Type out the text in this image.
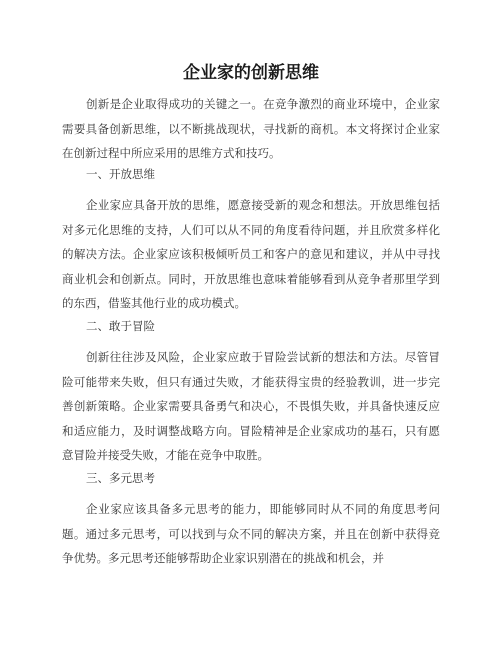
企业家的创新思维

创新是企业取得成功的关键之一。在竞争激烈的商业环境中，企业家需要具备创新思维，以不断挑战现状，寻找新的商机。本文将探讨企业家在创新过程中所应采用的思维方式和技巧。

一、开放思维

企业家应具备开放的思维，愿意接受新的观念和想法。开放思维包括对多元化思维的支持，人们可以从不同的角度看待问题，并且欣赏多样化的解决方法。企业家应该积极倾听员工和客户的意见和建议，并从中寻找商业机会和创新点。同时，开放思维也意味着能够看到从竞争者那里学到的东西，借鉴其他行业的成功模式。

二、敢于冒险

创新往往涉及风险，企业家应敢于冒险尝试新的想法和方法。尽管冒险可能带来失败，但只有通过失败，才能获得宝贵的经验教训，进一步完善创新策略。企业家需要具备勇气和决心，不畏惧失败，并具备快速反应和适应能力，及时调整战略方向。冒险精神是企业家成功的基石，只有愿意冒险并接受失败，才能在竞争中取胜。

三、多元思考

企业家应该具备多元思考的能力，即能够同时从不同的角度思考问题。通过多元思考，可以找到与众不同的解决方案，并且在创新中获得竞争优势。多元思考还能够帮助企业家识别潜在的挑战和机会，并
